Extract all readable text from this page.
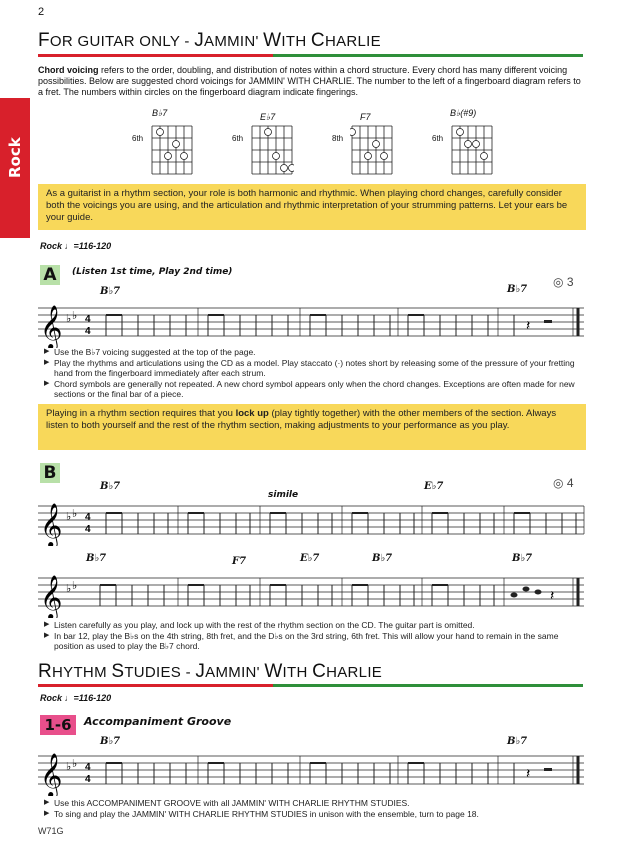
2
FOR GUITAR ONLY - JAMMIN' WITH CHARLIE
Chord voicing refers to the order, doubling, and distribution of notes within a chord structure. Every chord has many different voicing possibilities. Below are suggested chord voicings for JAMMIN' WITH CHARLIE. The number to the left of a fingerboard diagram refers to a fret. The numbers within circles on the fingerboard diagram indicate fingerings.
Rock
B♭7
6th
E♭7
6th
F7
8th
B♭(#9)
6th
As a guitarist in a rhythm section, your role is both harmonic and rhythmic. When playing chord changes, carefully consider both the voicings you are using, and the articulation and rhythmic interpretation of your strumming patterns. Let your ears be your guide.
Rock ♩=116-120
A	(Listen 1st time, Play 2nd time)
B♭7	B♭7
◎ 3
𝄞 ♭ ♭ 4
4	𝄽
▶ Use the B♭7 voicing suggested at the top of the page.
▶ Play the rhythms and articulations using the CD as a model. Play staccato (·) notes short by releasing some of the pressure of your fretting hand from the fingerboard immediately after each strum.
▶ Chord symbols are generally not repeated. A new chord symbol appears only when the chord changes. Exceptions are often made for new sections or the final bar of a piece.
Playing in a rhythm section requires that you lock up (play tightly together) with the other members of the section. Always listen to both yourself and the rest of the rhythm section, making adjustments to your performance as you play.
B	◎ 4
B♭7
simile
E♭7
𝄞 ♭ ♭ 4
4
B♭7	F7	E♭7	B♭7	B♭7
𝄞 ♭ ♭
𝄽
▶ Listen carefully as you play, and lock up with the rest of the rhythm section on the CD. The guitar part is omitted.
▶ In bar 12, play the B♭s on the 4th string, 8th fret, and the D♭s on the 3rd string, 6th fret. This will allow your hand to remain in the same position as used to play the B♭7 chord.
RHYTHM STUDIES - JAMMIN' WITH CHARLIE
Rock ♩=116-120
1-6	Accompaniment Groove
B♭7	B♭7
𝄞 ♭ ♭ 4
4	𝄽
▶ Use this ACCOMPANIMENT GROOVE with all JAMMIN' WITH CHARLIE RHYTHM STUDIES.
▶ To sing and play the JAMMIN' WITH CHARLIE RHYTHM STUDIES in unison with the ensemble, turn to page 18.
W71G
